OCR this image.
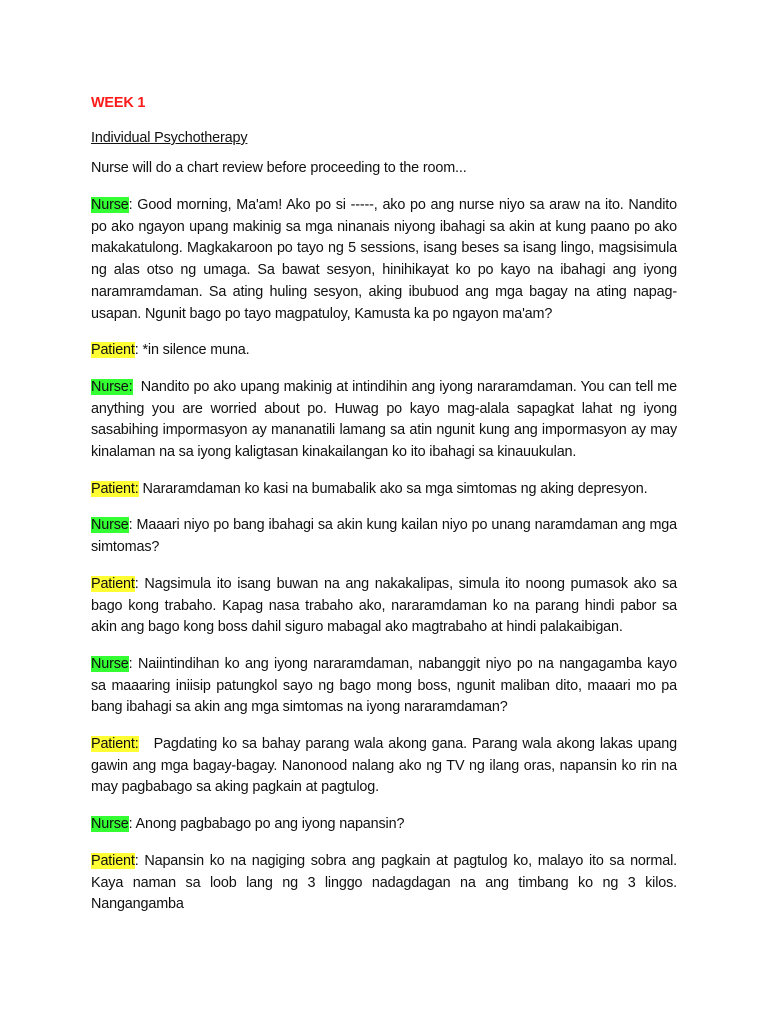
WEEK 1
Individual Psychotherapy
Nurse will do a chart review before proceeding to the room...

Nurse: Good morning, Ma'am! Ako po si -----, ako po ang nurse niyo sa araw na ito. Nandito po ako ngayon upang makinig sa mga ninanais niyong ibahagi sa akin at kung paano po ako makakatulong. Magkakaroon po tayo ng 5 sessions, isang beses sa isang lingo, magsisimula ng alas otso ng umaga. Sa bawat sesyon, hinihikayat ko po kayo na ibahagi ang iyong naramramdaman. Sa ating huling sesyon, aking ibubuod ang mga bagay na ating napag-usapan. Ngunit bago po tayo magpatuloy, Kamusta ka po ngayon ma'am?

Patient: *in silence muna.

Nurse: Nandito po ako upang makinig at intindihin ang iyong nararamdaman. You can tell me anything you are worried about po. Huwag po kayo mag-alala sapagkat lahat ng iyong sasabihing impormasyon ay mananatili lamang sa atin ngunit kung ang impormasyon ay may kinalaman na sa iyong kaligtasan kinakailangan ko ito ibahagi sa kinauukulan.

Patient: Nararamdaman ko kasi na bumabalik ako sa mga simtomas ng aking depresyon.

Nurse: Maaari niyo po bang ibahagi sa akin kung kailan niyo po unang naramdaman ang mga simtomas?

Patient: Nagsimula ito isang buwan na ang nakakalipas, simula ito noong pumasok ako sa bago kong trabaho. Kapag nasa trabaho ako, nararamdaman ko na parang hindi pabor sa akin ang bago kong boss dahil siguro mabagal ako magtrabaho at hindi palakaibigan.

Nurse: Naiintindihan ko ang iyong nararamdaman, nabanggit niyo po na nangagamba kayo sa maaaring iniisip patungkol sayo ng bago mong boss, ngunit maliban dito, maaari mo pa bang ibahagi sa akin ang mga simtomas na iyong nararamdaman?

Patient: Pagdating ko sa bahay parang wala akong gana. Parang wala akong lakas upang gawin ang mga bagay-bagay. Nanonood nalang ako ng TV ng ilang oras, napansin ko rin na may pagbabago sa aking pagkain at pagtulog.

Nurse: Anong pagbabago po ang iyong napansin?

Patient: Napansin ko na nagiging sobra ang pagkain at pagtulog ko, malayo ito sa normal. Kaya naman sa loob lang ng 3 linggo nadagdagan na ang timbang ko ng 3 kilos. Nangangamba
